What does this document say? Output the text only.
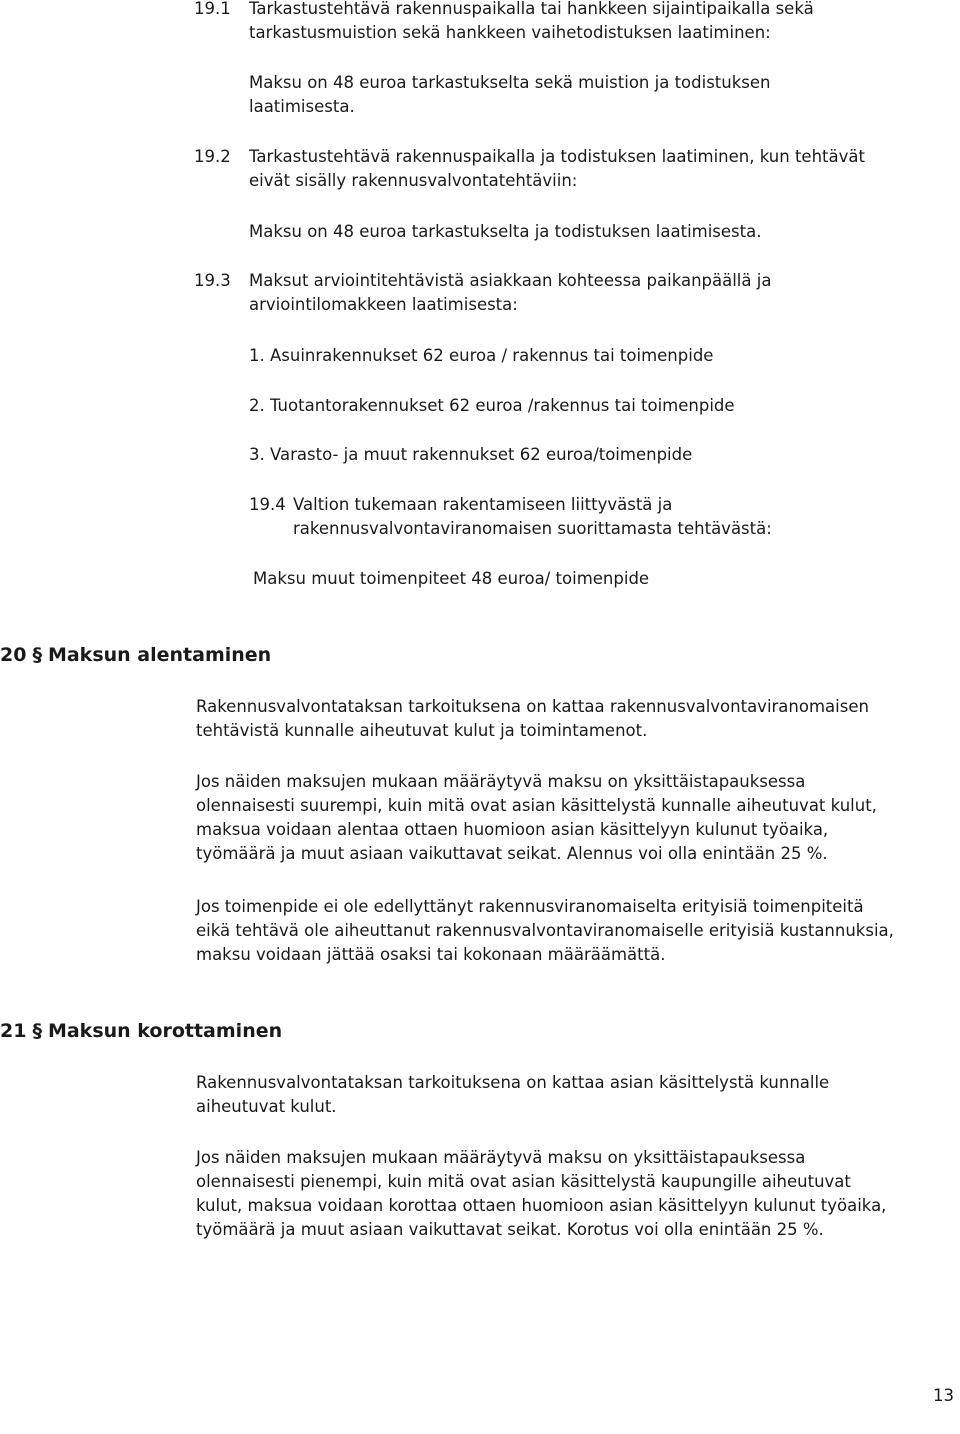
19.1 Tarkastustehtävä rakennuspaikalla tai hankkeen sijaintipaikalla sekä
tarkastusmuistion sekä hankkeen vaihetodistuksen laatiminen:
Maksu on 48 euroa tarkastukselta sekä muistion ja todistuksen
laatimisesta.
19.2 Tarkastustehtävä rakennuspaikalla ja todistuksen laatiminen, kun tehtävät
eivät sisälly rakennusvalvontatehtäviin:
Maksu on 48 euroa tarkastukselta ja todistuksen laatimisesta.
19.3 Maksut arviointitehtävistä asiakkaan kohteessa paikanpäällä ja
arviointilomakkeen laatimisesta:
1. Asuinrakennukset 62 euroa / rakennus tai toimenpide
2. Tuotantorakennukset 62 euroa /rakennus tai toimenpide
3. Varasto- ja muut rakennukset 62 euroa/toimenpide
19.4 Valtion tukemaan rakentamiseen liittyvästä ja
rakennusvalvontaviranomaisen suorittamasta tehtävästä:
Maksu muut toimenpiteet 48 euroa/ toimenpide
20 § Maksun alentaminen
Rakennusvalvontataksan tarkoituksena on kattaa rakennusvalvontaviranomaisen
tehtävistä kunnalle aiheutuvat kulut ja toimintamenot.
Jos näiden maksujen mukaan määräytyvä maksu on yksittäistapauksessa
olennaisesti suurempi, kuin mitä ovat asian käsittelystä kunnalle aiheutuvat kulut,
maksua voidaan alentaa ottaen huomioon asian käsittelyyn kulunut työaika,
työmäärä ja muut asiaan vaikuttavat seikat. Alennus voi olla enintään 25 %.
Jos toimenpide ei ole edellyttänyt rakennusviranomaiselta erityisiä toimenpiteitä
eikä tehtävä ole aiheuttanut rakennusvalvontaviranomaiselle erityisiä kustannuksia,
maksu voidaan jättää osaksi tai kokonaan määräämättä.
21 § Maksun korottaminen
Rakennusvalvontataksan tarkoituksena on kattaa asian käsittelystä kunnalle
aiheutuvat kulut.
Jos näiden maksujen mukaan määräytyvä maksu on yksittäistapauksessa
olennaisesti pienempi, kuin mitä ovat asian käsittelystä kaupungille aiheutuvat
kulut, maksua voidaan korottaa ottaen huomioon asian käsittelyyn kulunut työaika,
työmäärä ja muut asiaan vaikuttavat seikat. Korotus voi olla enintään 25 %.
13
